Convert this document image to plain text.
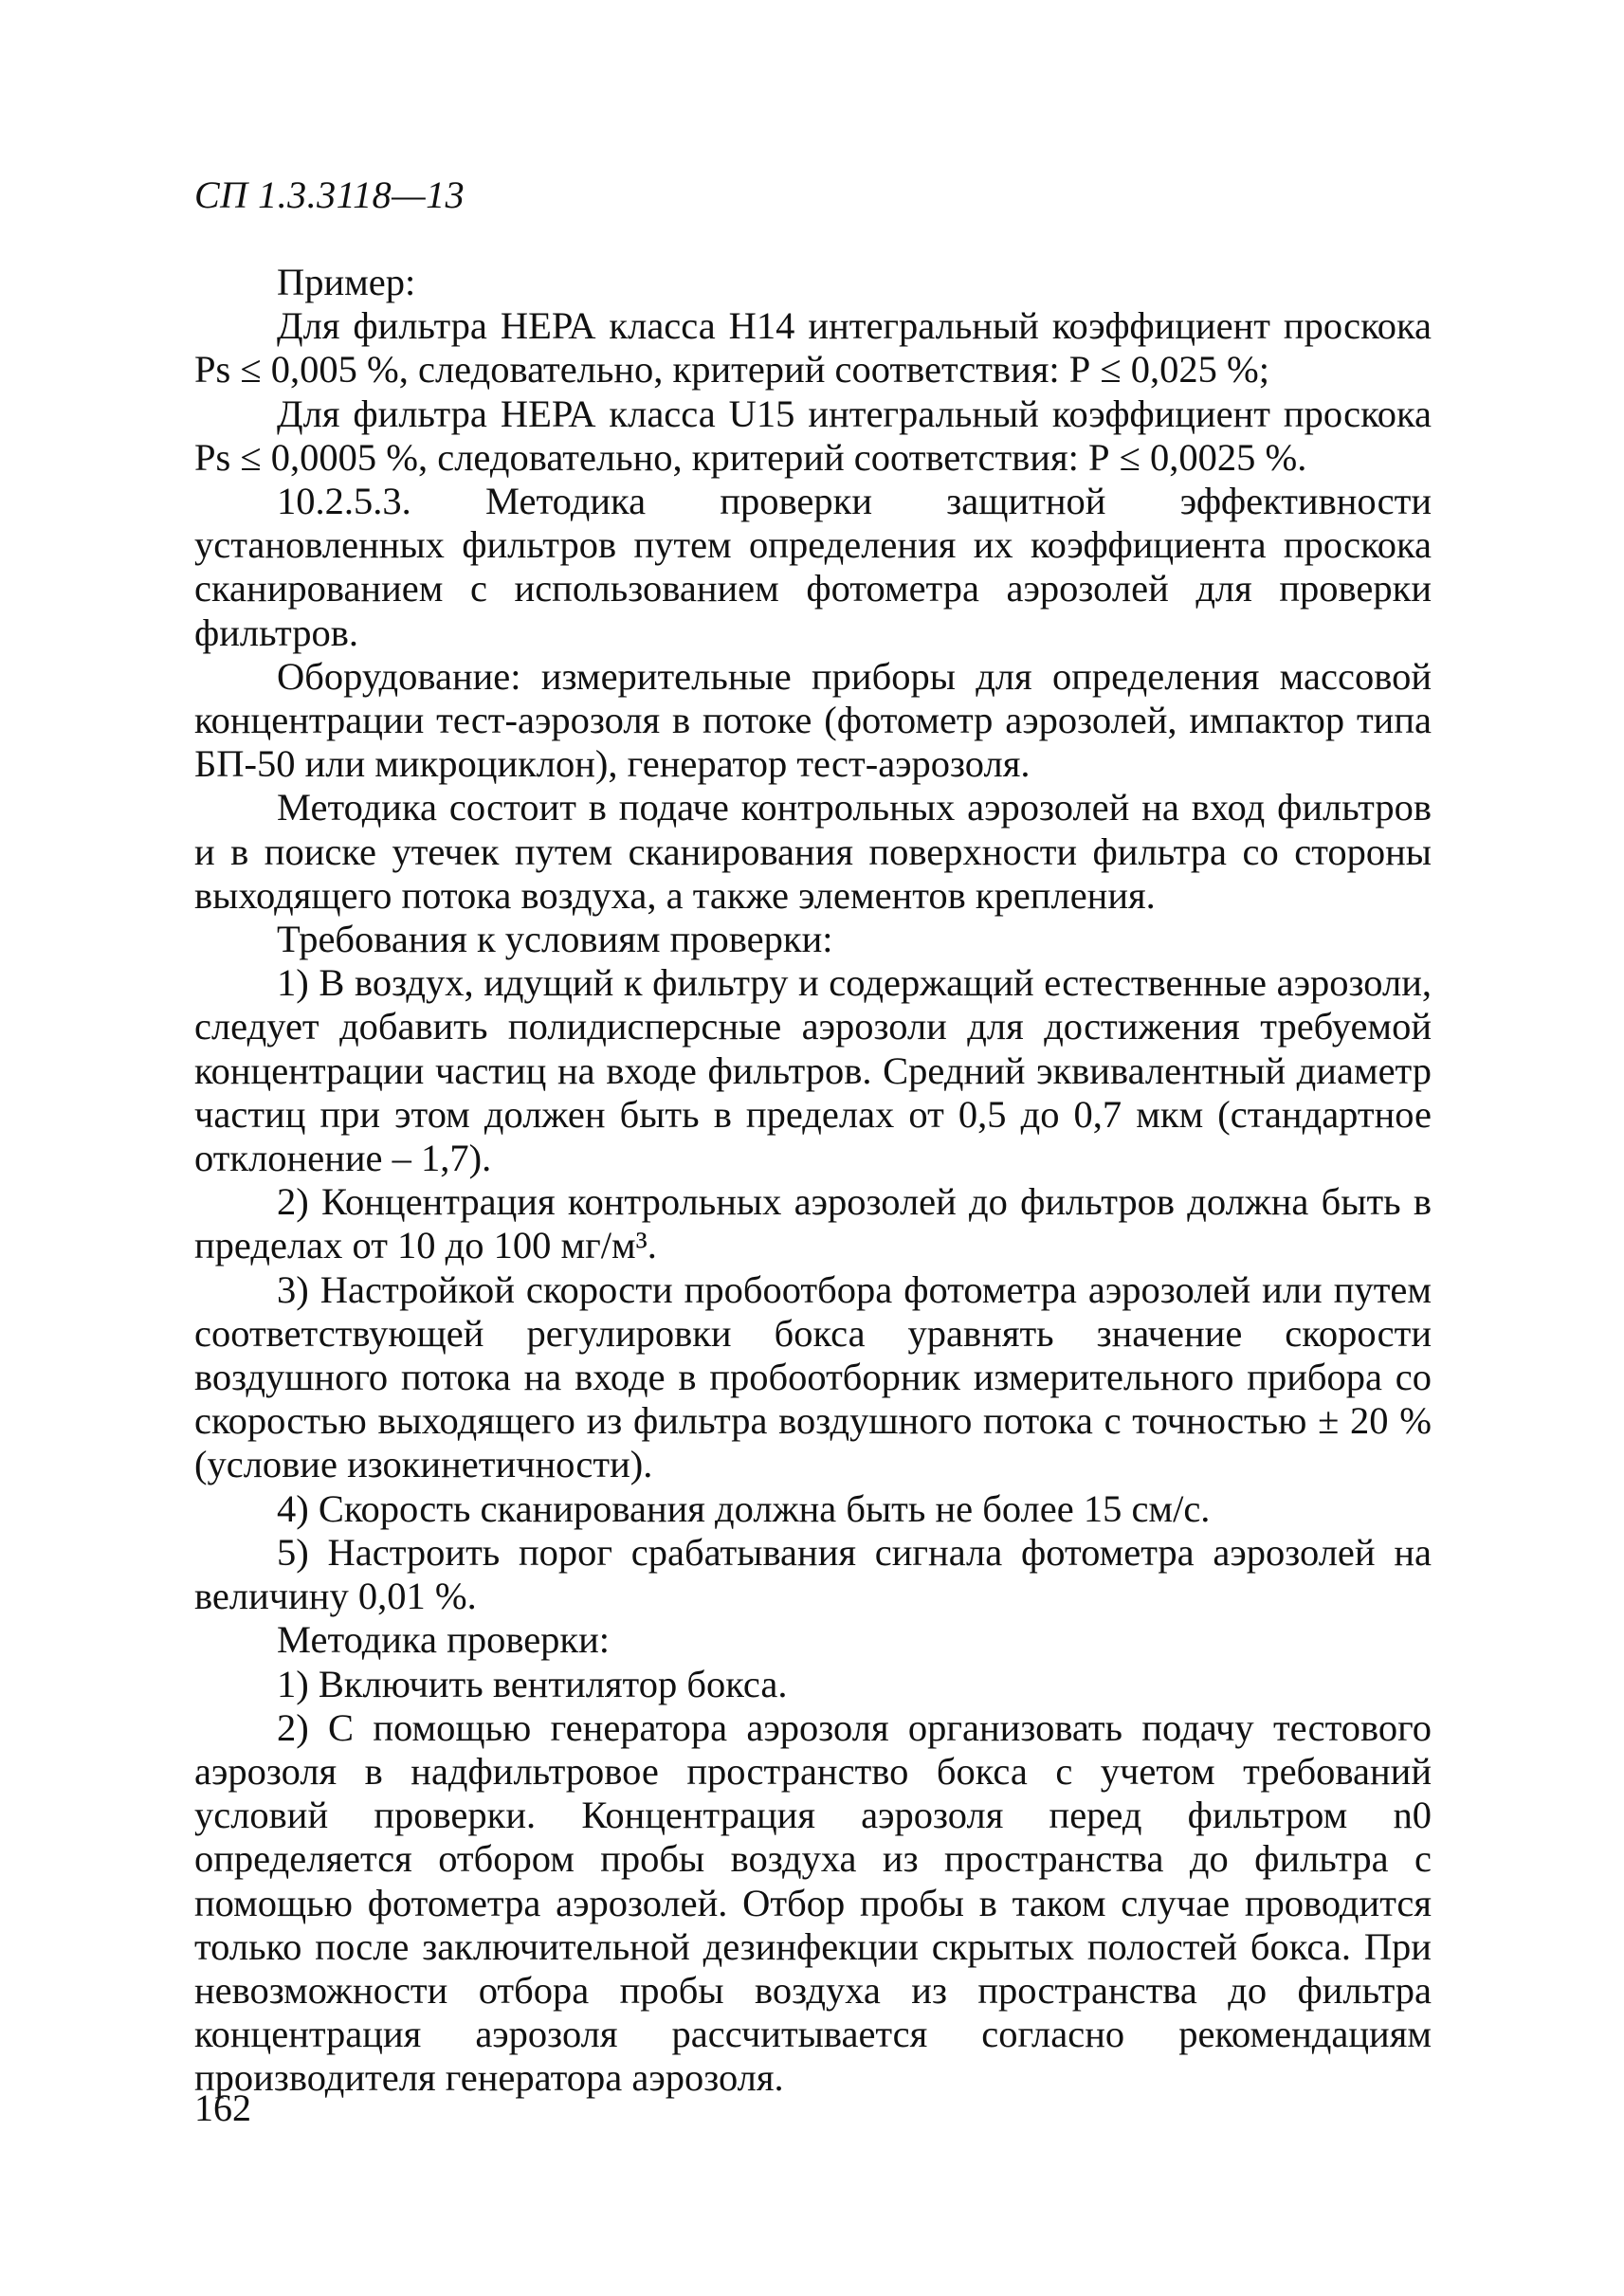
СП 1.3.3118—13

Пример:

Для фильтра НЕРА класса Н14 интегральный коэффициент проскока Ps ≤ 0,005 %, следовательно, критерий соответствия: Р ≤ 0,025 %;

Для фильтра НЕРА класса U15 интегральный коэффициент проскока Ps ≤ 0,0005 %, следовательно, критерий соответствия: Р ≤ 0,0025 %.

10.2.5.3. Методика проверки защитной эффективности установленных фильтров путем определения их коэффициента проскока сканированием с использованием фотометра аэрозолей для проверки фильтров.

Оборудование: измерительные приборы для определения массовой концентрации тест-аэрозоля в потоке (фотометр аэрозолей, импактор типа БП-50 или микроциклон), генератор тест-аэрозоля.

Методика состоит в подаче контрольных аэрозолей на вход фильтров и в поиске утечек путем сканирования поверхности фильтра со стороны выходящего потока воздуха, а также элементов крепления.

Требования к условиям проверки:

1) В воздух, идущий к фильтру и содержащий естественные аэрозоли, следует добавить полидисперсные аэрозоли для достижения требуемой концентрации частиц на входе фильтров. Средний эквивалентный диаметр частиц при этом должен быть в пределах от 0,5 до 0,7 мкм (стандартное отклонение – 1,7).

2) Концентрация контрольных аэрозолей до фильтров должна быть в пределах от 10 до 100 мг/м³.

3) Настройкой скорости пробоотбора фотометра аэрозолей или путем соответствующей регулировки бокса уравнять значение скорости воздушного потока на входе в пробоотборник измерительного прибора со скоростью выходящего из фильтра воздушного потока с точностью ± 20 % (условие изокинетичности).

4) Скорость сканирования должна быть не более 15 см/с.

5) Настроить порог срабатывания сигнала фотометра аэрозолей на величину 0,01 %.

Методика проверки:

1) Включить вентилятор бокса.

2) С помощью генератора аэрозоля организовать подачу тестового аэрозоля в надфильтровое пространство бокса с учетом требований условий проверки. Концентрация аэрозоля перед фильтром n0 определяется отбором пробы воздуха из пространства до фильтра с помощью фотометра аэрозолей. Отбор пробы в таком случае проводится только после заключительной дезинфекции скрытых полостей бокса. При невозможности отбора пробы воздуха из пространства до фильтра концентрация аэрозоля рассчитывается согласно рекомендациям производителя генератора аэрозоля.

162
